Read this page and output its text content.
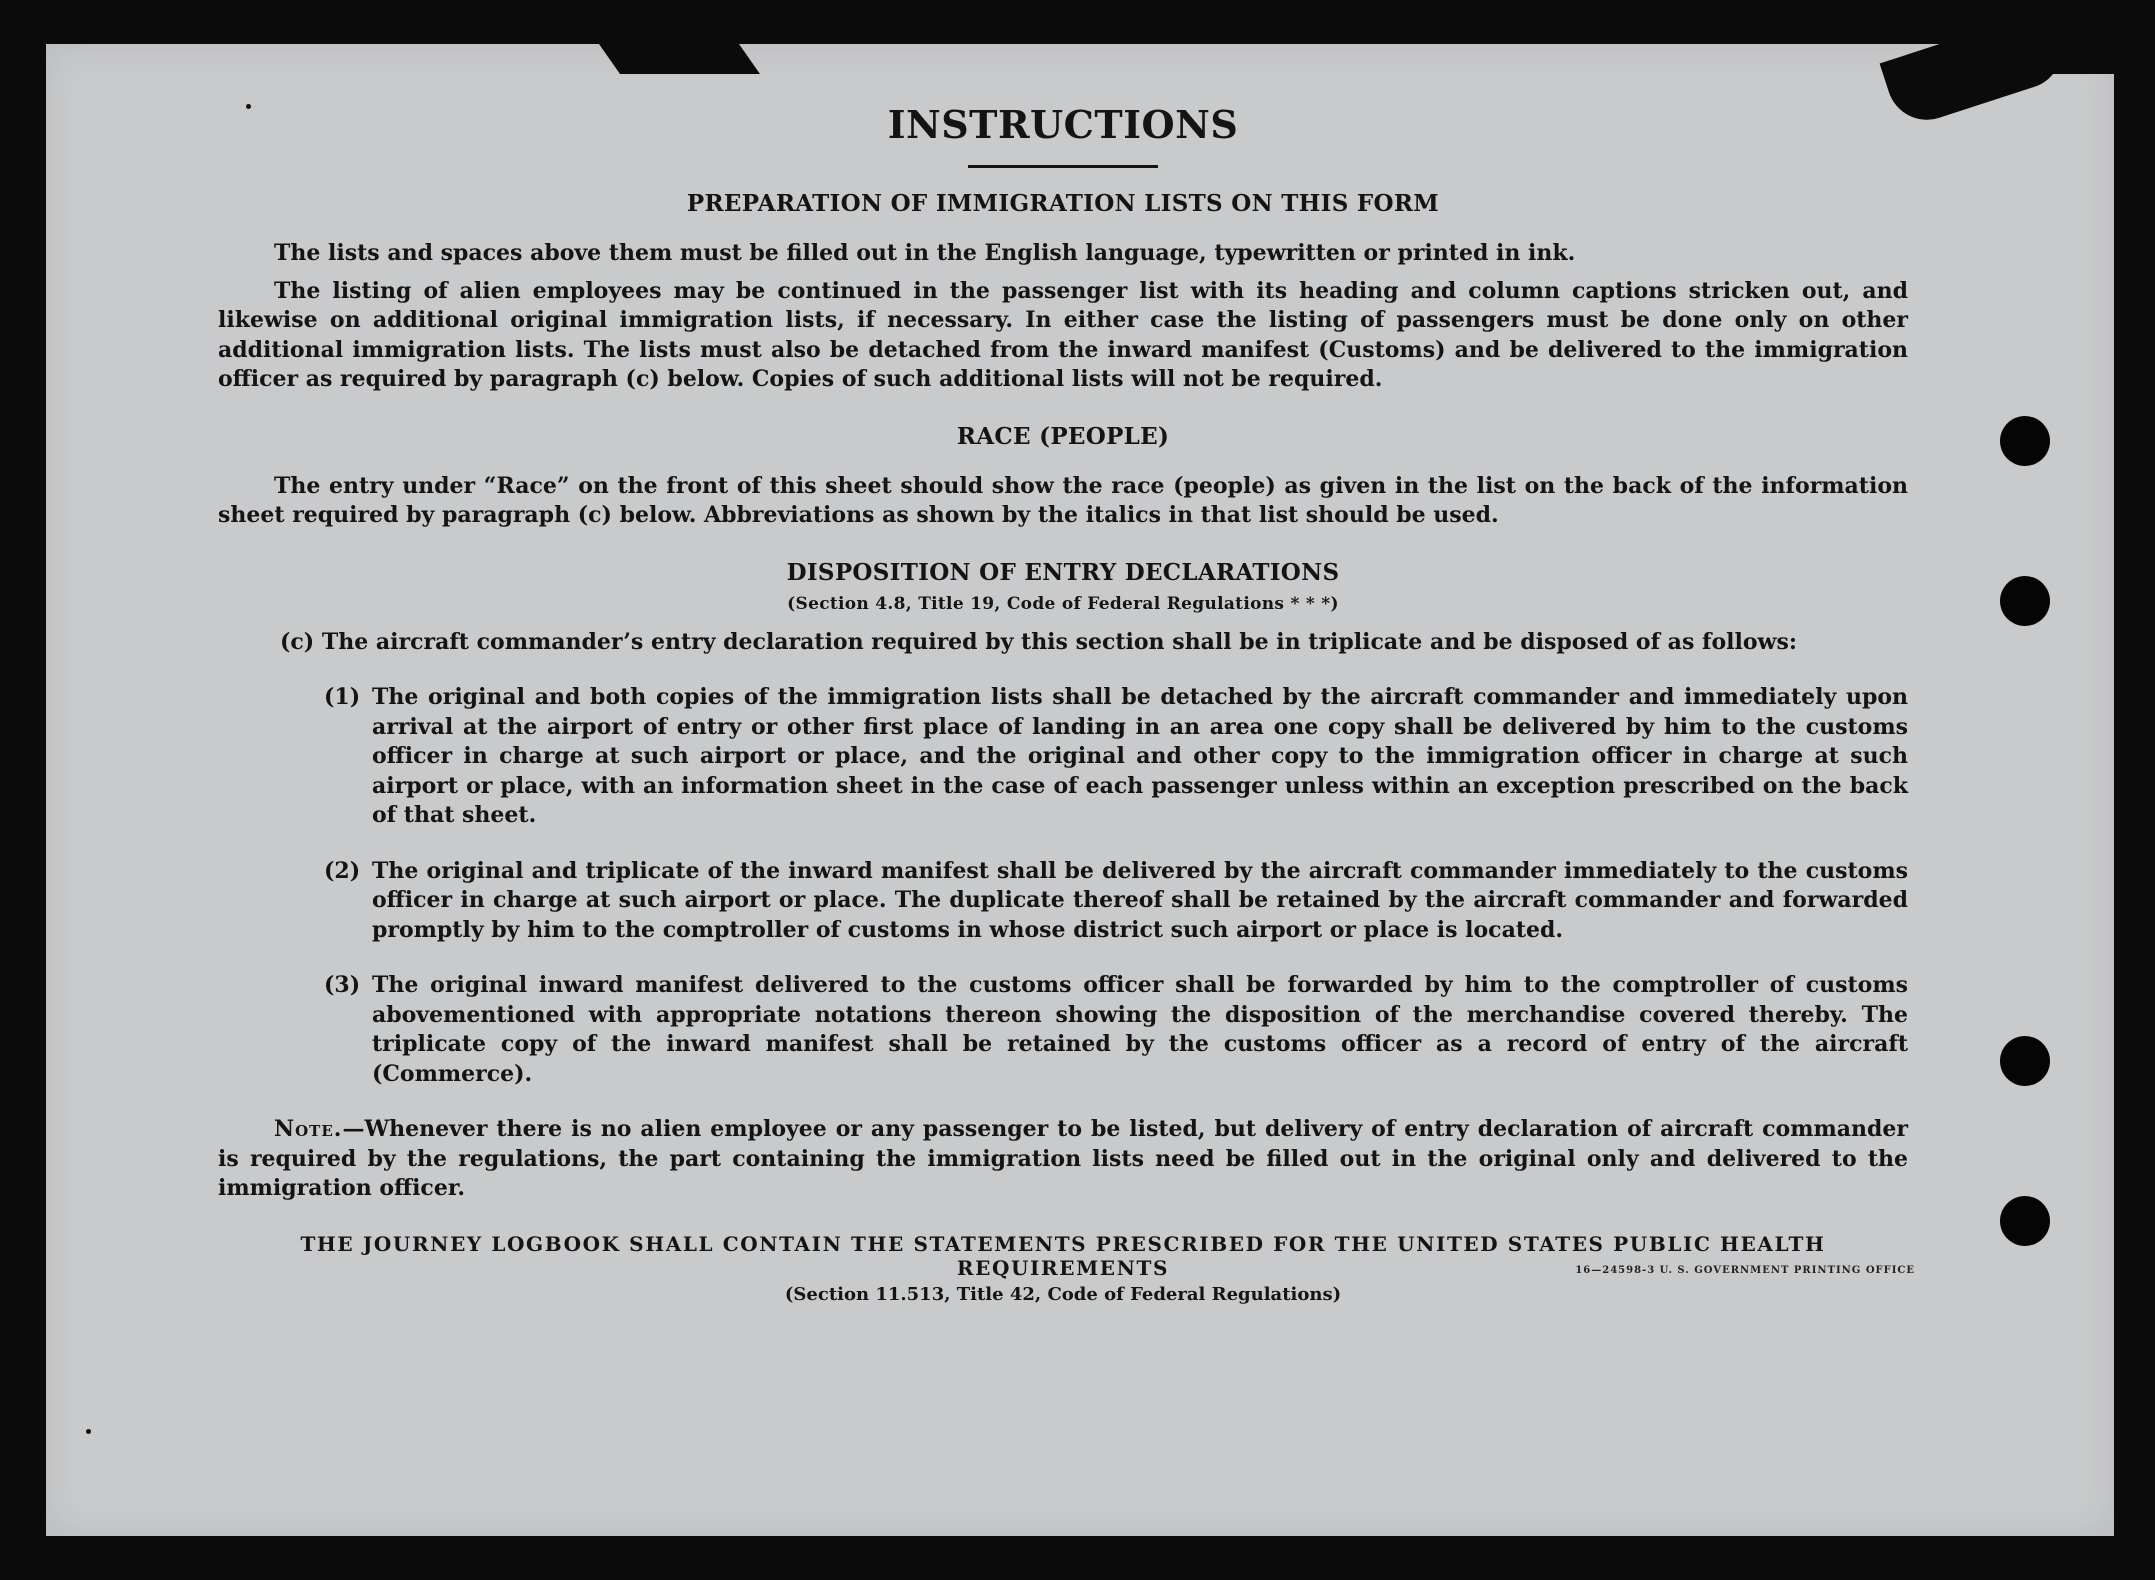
INSTRUCTIONS
PREPARATION OF IMMIGRATION LISTS ON THIS FORM

The lists and spaces above them must be filled out in the English language, typewritten or printed in ink.

The listing of alien employees may be continued in the passenger list with its heading and column captions stricken out, and likewise on additional original immigration lists, if necessary. In either case the listing of passengers must be done only on other additional immigration lists. The lists must also be detached from the inward manifest (Customs) and be delivered to the immigration officer as required by paragraph (c) below. Copies of such additional lists will not be required.

RACE (PEOPLE)

The entry under “Race” on the front of this sheet should show the race (people) as given in the list on the back of the information sheet required by paragraph (c) below. Abbreviations as shown by the italics in that list should be used.

DISPOSITION OF ENTRY DECLARATIONS
(Section 4.8, Title 19, Code of Federal Regulations * * *)
(c) The aircraft commander’s entry declaration required by this section shall be in triplicate and be disposed of as follows:
(1) The original and both copies of the immigration lists shall be detached by the aircraft commander and immediately upon arrival at the airport of entry or other first place of landing in an area one copy shall be delivered by him to the customs officer in charge at such airport or place, and the original and other copy to the immigration officer in charge at such airport or place, with an information sheet in the case of each passenger unless within an exception prescribed on the back of that sheet.
(2) The original and triplicate of the inward manifest shall be delivered by the aircraft commander immediately to the customs officer in charge at such airport or place. The duplicate thereof shall be retained by the aircraft commander and forwarded promptly by him to the comptroller of customs in whose district such airport or place is located.
(3) The original inward manifest delivered to the customs officer shall be forwarded by him to the comptroller of customs abovementioned with appropriate notations thereon showing the disposition of the merchandise covered thereby. The triplicate copy of the inward manifest shall be retained by the customs officer as a record of entry of the aircraft (Commerce).

Note.—Whenever there is no alien employee or any passenger to be listed, but delivery of entry declaration of aircraft commander is required by the regulations, the part containing the immigration lists need be filled out in the original only and delivered to the immigration officer.

THE JOURNEY LOGBOOK SHALL CONTAIN THE STATEMENTS PRESCRIBED FOR THE UNITED STATES PUBLIC HEALTH REQUIREMENTS
(Section 11.513, Title 42, Code of Federal Regulations)
16—24598-3 U. S. GOVERNMENT PRINTING OFFICE
